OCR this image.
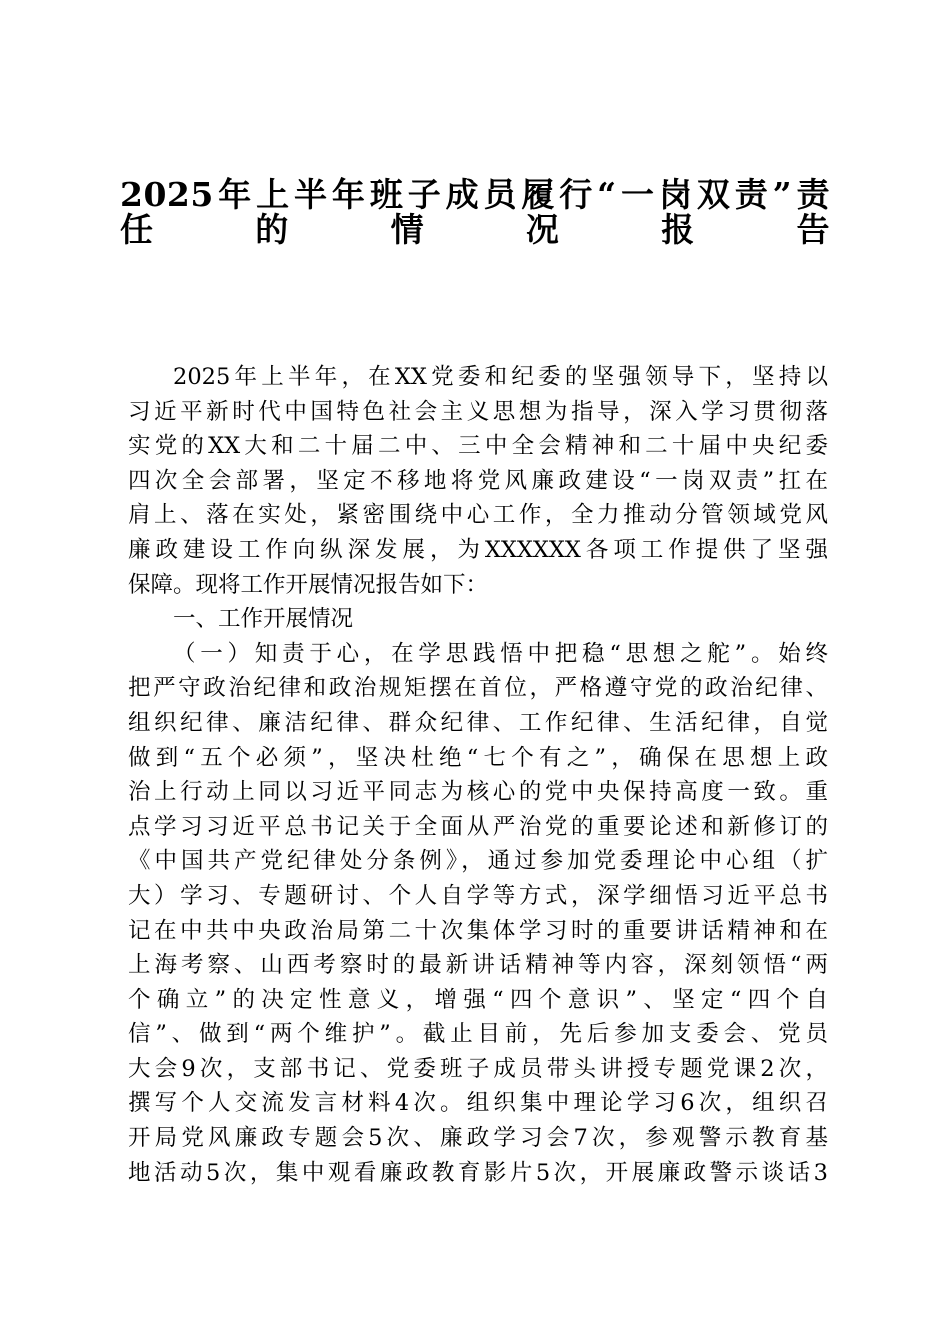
2025年上半年班子成员履行“一岗双责”责
任的情况报告
2025年上半年，在XX党委和纪委的坚强领导下，坚持以
习近平新时代中国特色社会主义思想为指导，深入学习贯彻落
实党的XX大和二十届二中、三中全会精神和二十届中央纪委
四次全会部署，坚定不移地将党风廉政建设“一岗双责”扛在
肩上、落在实处，紧密围绕中心工作，全力推动分管领域党风
廉政建设工作向纵深发展，为XXXXXX各项工作提供了坚强
保障。现将工作开展情况报告如下：
一、工作开展情况
（一）知责于心，在学思践悟中把稳“思想之舵”。始终
把严守政治纪律和政治规矩摆在首位，严格遵守党的政治纪律、
组织纪律、廉洁纪律、群众纪律、工作纪律、生活纪律，自觉
做到“五个必须”，坚决杜绝“七个有之”，确保在思想上政
治上行动上同以习近平同志为核心的党中央保持高度一致。重
点学习习近平总书记关于全面从严治党的重要论述和新修订的
《中国共产党纪律处分条例》，通过参加党委理论中心组（扩
大）学习、专题研讨、个人自学等方式，深学细悟习近平总书
记在中共中央政治局第二十次集体学习时的重要讲话精神和在
上海考察、山西考察时的最新讲话精神等内容，深刻领悟“两
个确立”的决定性意义，增强“四个意识”、坚定“四个自
信”、做到“两个维护”。截止目前，先后参加支委会、党员
大会9次，支部书记、党委班子成员带头讲授专题党课2次，
撰写个人交流发言材料4次。组织集中理论学习6次，组织召
开局党风廉政专题会5次、廉政学习会7次，参观警示教育基
地活动5次，集中观看廉政教育影片5次，开展廉政警示谈话3
